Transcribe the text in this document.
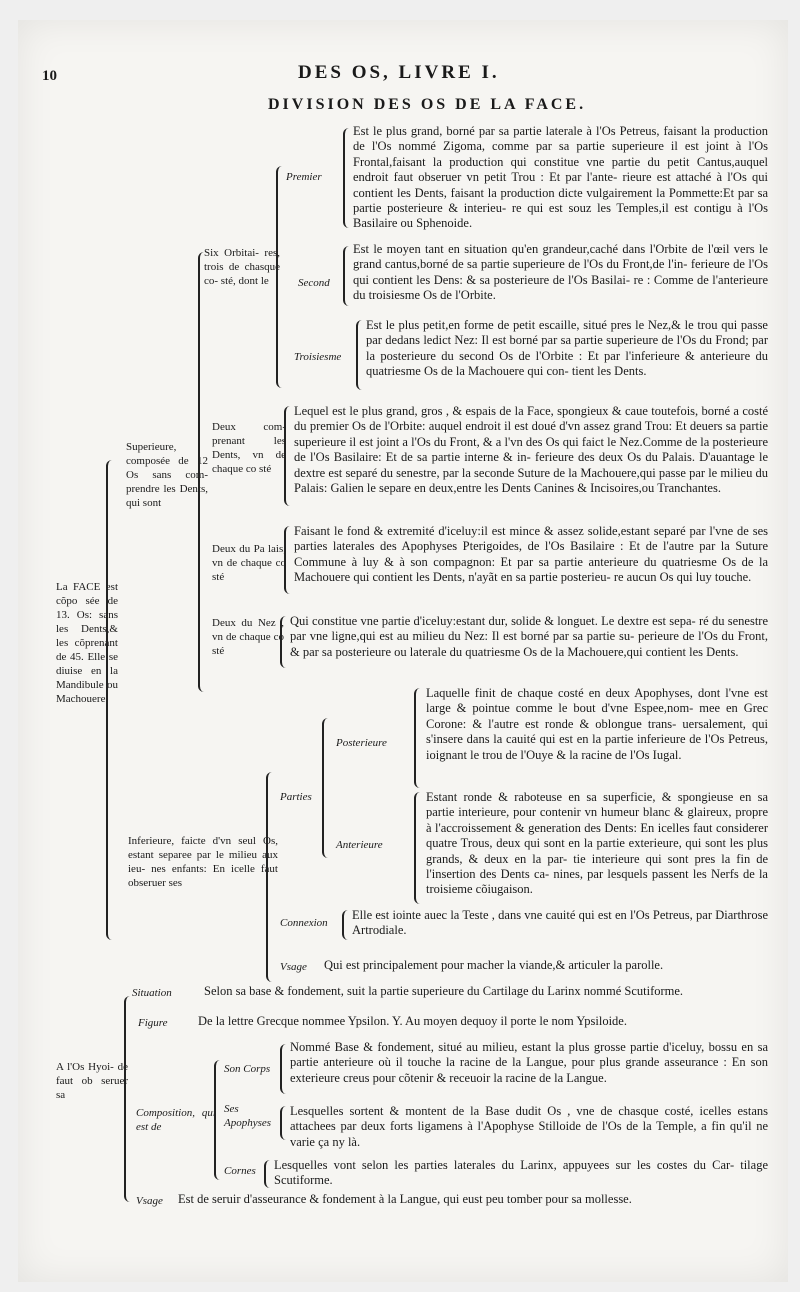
10	DES OS, LIVRE I.
DIVISION DES OS DE LA FACE.
La FACE est cõpo sée de 13. Os: sans les Dents,& les cõprenant de 45. Elle se diuise en la Mandibule ou Machouere
Superieure, composée de 12 Os sans com- prendre les Dents, qui sont
Six Orbitai- res, trois de chasque co- sté, dont le
Premier
Est le plus grand, borné par sa partie laterale à l'Os Petreus, faisant la production de l'Os nommé Zigoma, comme par sa partie superieure il est joint à l'Os Frontal,faisant la production qui constitue vne partie du petit Cantus,auquel endroit faut obseruer vn petit Trou : Et par l'ante- rieure est attaché à l'Os qui contient les Dents, faisant la production dicte vulgairement la Pommette:Et par sa partie posterieure & interieu- re qui est souz les Temples,il est contigu à l'Os Basilaire ou Sphenoide.
Second
Est le moyen tant en situation qu'en grandeur,caché dans l'Orbite de l'œil vers le grand cantus,borné de sa partie superieure de l'Os du Front,de l'in- ferieure de l'Os qui contient les Dens: & sa posterieure de l'Os Basilai- re : Comme de l'anterieure du troisiesme Os de l'Orbite.
Troisiesme
Est le plus petit,en forme de petit escaille, situé pres le Nez,& le trou qui passe par dedans ledict Nez: Il est borné par sa partie superieure de l'Os du Frond; par la posterieure du second Os de l'Orbite : Et par l'inferieure & anterieure du quatriesme Os de la Machouere qui con- tient les Dents.
Deux com- prenant les Dents, vn de chaque co sté
Lequel est le plus grand, gros , & espais de la Face, spongieux & caue toutefois, borné a costé du premier Os de l'Orbite: auquel endroit il est doué d'vn assez grand Trou: Et deuers sa partie superieure il est joint a l'Os du Front, & a l'vn des Os qui faict le Nez.Comme de la posterieure de l'Os Basilaire: Et de sa partie interne & in- ferieure des deux Os du Palais. D'auantage le dextre est separé du senestre, par la seconde Suture de la Machouere,qui passe par le milieu du Palais: Galien le separe en deux,entre les Dents Canines & Incisoires,ou Tranchantes.
Deux du Pa lais, vn de chaque co sté
Faisant le fond & extremité d'iceluy:il est mince & assez solide,estant separé par l'vne de ses parties laterales des Apophyses Pterigoides, de l'Os Basilaire : Et de l'autre par la Suture Commune à luy & à son compagnon: Et par sa partie anterieure du quatriesme Os de la Machouere qui contient les Dents, n'ayãt en sa partie posterieu- re aucun Os qui luy touche.
Deux du Nez , vn de chaque co sté
Qui constitue vne partie d'iceluy:estant dur, solide & longuet. Le dextre est sepa- ré du senestre par vne ligne,qui est au milieu du Nez: Il est borné par sa partie su- perieure de l'Os du Front, & par sa posterieure ou laterale du quatriesme Os de la Machouere,qui contient les Dents.
Inferieure, faicte d'vn seul Os, estant separee par le milieu aux ieu- nes enfants: En icelle faut obseruer ses
Parties
Posterieure
Laquelle finit de chaque costé en deux Apophyses, dont l'vne est large & pointue comme le bout d'vne Espee,nom- mee en Grec Corone: & l'autre est ronde & oblongue trans- uersalement, qui s'insere dans la cauité qui est en la partie inferieure de l'Os Petreus, ioignant le trou de l'Ouye & la racine de l'Os Iugal.
Anterieure
Estant ronde & raboteuse en sa superficie, & spongieuse en sa partie interieure, pour contenir vn humeur blanc & glaireux, propre à l'accroissement & generation des Dents: En icelles faut considerer quatre Trous, deux qui sont en la partie exterieure, qui sont les plus grands, & deux en la par- tie interieure qui sont pres la fin de l'insertion des Dents ca- nines, par lesquels passent les Nerfs de la troisieme cõiugaison.
Connexion
Elle est iointe auec la Teste , dans vne cauité qui est en l'Os Petreus, par Diarthrose Artrodiale.
Vsage Qui est principalement pour macher la viande,& articuler la parolle.
A l'Os Hyoi- de faut ob seruer sa
Situation	Selon sa base & fondement, suit la partie superieure du Cartilage du Larinx nommé Scutiforme.
Figure De la lettre Grecque nommee Ypsilon. Y. Au moyen dequoy il porte le nom Ypsiloide.
Composition, qui est de
Son Corps
Nommé Base & fondement, situé au milieu, estant la plus grosse partie d'iceluy, bossu en sa partie anterieure où il touche la racine de la Langue, pour plus grande asseurance : En son exterieure creus pour cõtenir & receuoir la racine de la Langue.
Ses Apophyses
Lesquelles sortent & montent de la Base dudit Os , vne de chasque costé, icelles estans attachees par deux forts ligamens à l'Apophyse Stilloide de l'Os de la Temple, a fin qu'il ne varie ça ny là.
Cornes Lesquelles vont selon les parties laterales du Larinx, appuyees sur les costes du Car- tilage Scutiforme.
Vsage Est de seruir d'asseurance & fondement à la Langue, qui eust peu tomber pour sa mollesse.
